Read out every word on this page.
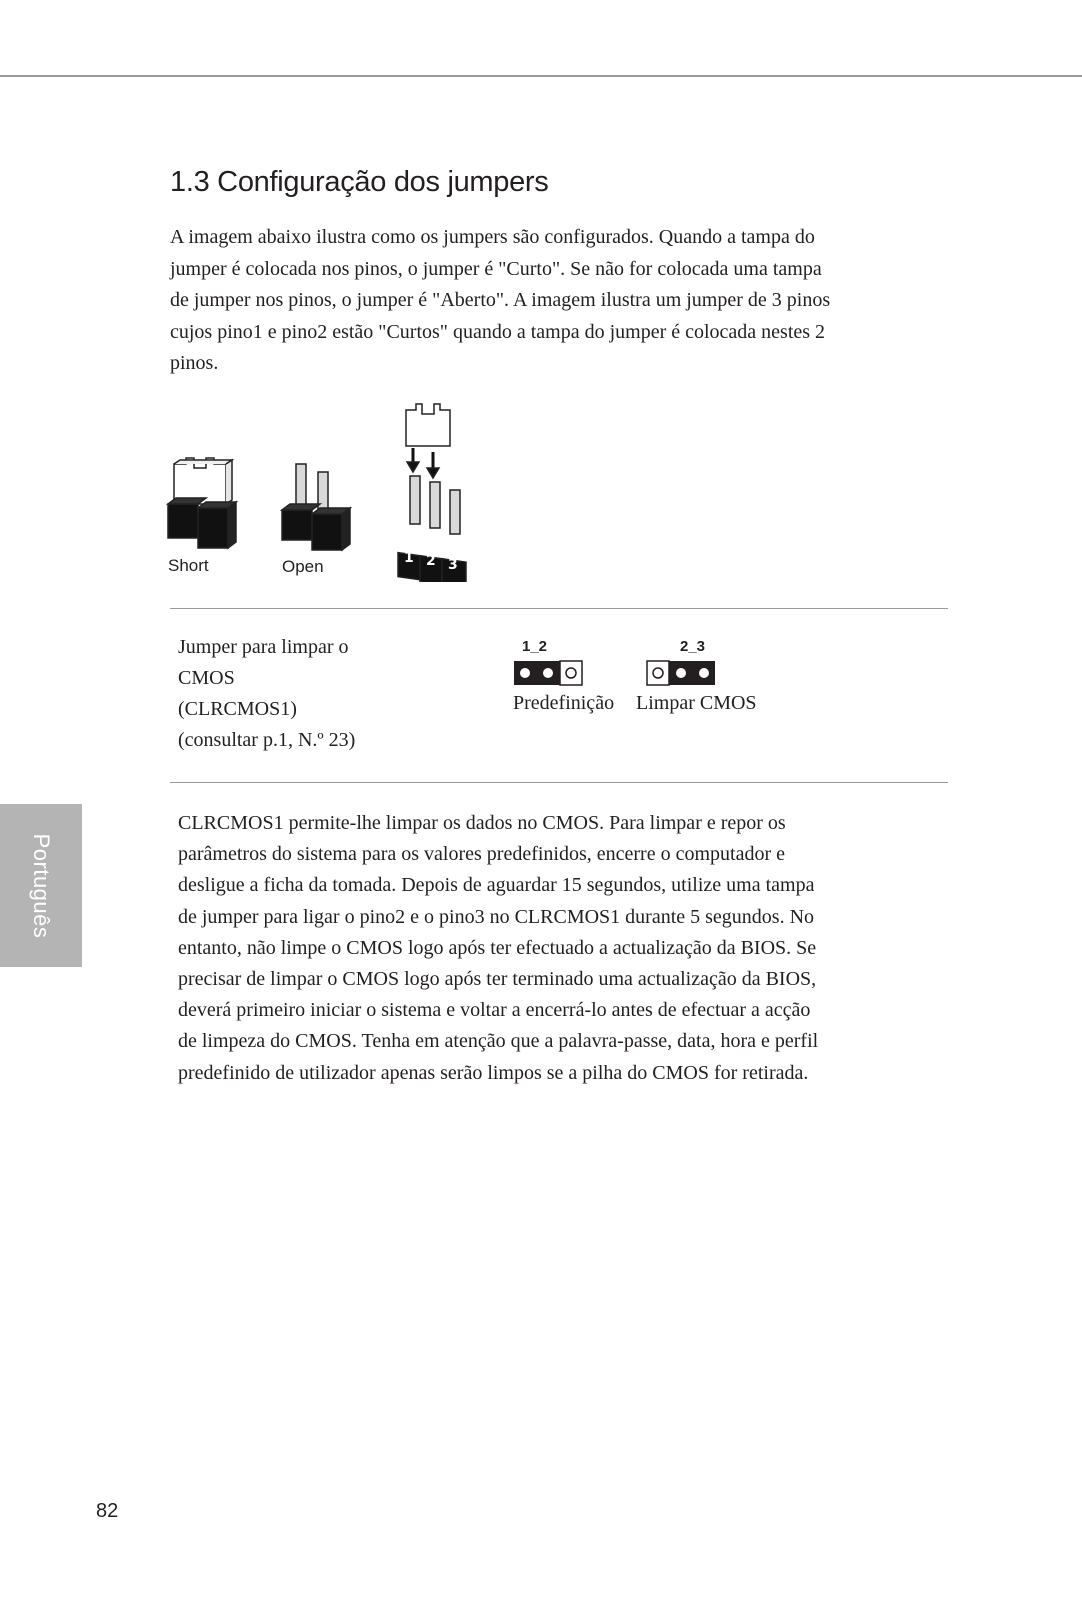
1.3 Configuração dos jumpers

A imagem abaixo ilustra como os jumpers são configurados. Quando a tampa do
jumper é colocada nos pinos, o jumper é "Curto". Se não for colocada uma tampa
de jumper nos pinos, o jumper é "Aberto". A imagem ilustra um jumper de 3 pinos
cujos pino1 e pino2 estão "Curtos" quando a tampa do jumper é colocada nestes 2
pinos.

1 2 3
Short	Open

Jumper para limpar o
CMOS
(CLRCMOS1)
(consultar p.1, N.º 23)

1_2
Predefinição
2_3
Limpar CMOS

CLRCMOS1 permite-lhe limpar os dados no CMOS. Para limpar e repor os
parâmetros do sistema para os valores predefinidos, encerre o computador e
desligue a ficha da tomada. Depois de aguardar 15 segundos, utilize uma tampa
de jumper para ligar o pino2 e o pino3 no CLRCMOS1 durante 5 segundos. No
entanto, não limpe o CMOS logo após ter efectuado a actualização da BIOS. Se
precisar de limpar o CMOS logo após ter terminado uma actualização da BIOS,
deverá primeiro iniciar o sistema e voltar a encerrá-lo antes de efectuar a acção
de limpeza do CMOS. Tenha em atenção que a palavra-passe, data, hora e perfil
predefinido de utilizador apenas serão limpos se a pilha do CMOS for retirada.

Português
82
